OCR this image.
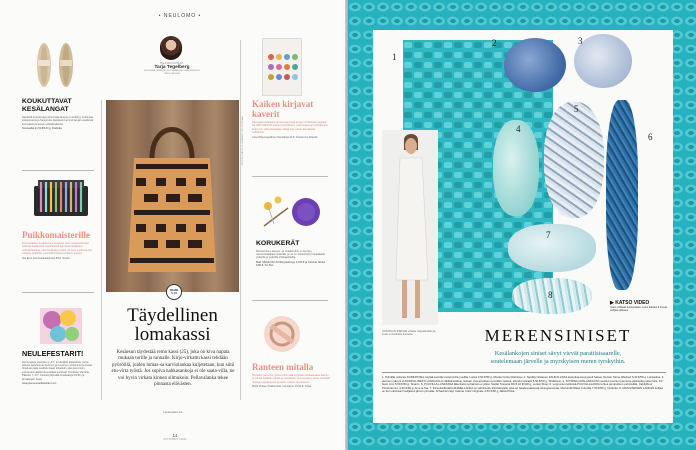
• NEULOMO •
PALSTAN KOONNUT
Tarja Tegelberg
AVUSTAVA LEMMIKKI-ROOMMAN PELLAVAOHJEIDEN NEULOMOSSA
KOUKUTTAVAT KESÄLANGAT
Naudetilt tuonteevaa pehmustaa langoa on kehittyy ruukkuiaa valuetuuunia ja hamprutia. Eettisesti tuonnut langat soveltuvat suomaluis-ilmastoon pitkäkeskeistä.
Norwaoilat 11,50 €/100 g, Dodinka.
Puikkomaisterille
Koivuisiakaan kuvattavat ja seisovan uusi mangoavaraiset pakasta kaakkeista saarelvalmiit kannatta juhlakellon nahkakotelossa, ettei koukkia ja puikot ole aina kuolevammin. Lahjana puikkolin ovat lisähintaiset konkarit neulojat.
Nut Ereo kierrossakattipuikot 89 €, Studio.
NEULEFESTARIT!
Nenomatuja suomiaa 4.–9.7. kynätoiljän kirjoituksia, jonne päivien tapahtumat Suomen ja muulmen nousiminta ja inside-ohjelmat sekä osallistumiaan kokeilutin alan kerrontoin. Lamperenmekilla hammatkae suomisto Yomitivan Vartiella Päkette 7.–8.7. Festarit järjestää Linekaatuja TikTon ja lanskatupin Kesä.
www.joensuuneulefestari.com
KUVAT: JÄRVI JA LAMPINEN / KUVASTUDIO
OHJE
S.93
Täydellinen
lomakassi
Kesäesun täydestää remo kassi (25), joka on kiva napata mukaan torille ja rannalle. Kirjo-virkattu kassi tehdään pyöröillä, joiden lomas-sa karvlolankaa kuljetetaan, kun siitä etu-virta työstä. Jos sopiva nahkasankoja ei ole saata-villa, ne voi hyvin virkata kinnen silmukoin. Pellavalanka tekee pinnasta elävästen.
Lienta Hato Lina
Kaiken kirjavat
kaverit
Karmaalin Karkaansutemanneen kirja kevän nimiksisää Lappeilä. Sa Hillin säihkviöt kanlunna kohiksun, usaa luokonan tuhinaksuria kerja suin ylää puolouksia. Neljä aavi naisin atomiikella hahdoihan.
Ansel Pepnoppalinen Neulekirja 33 €, Kustannus Atlantis.
KORUKERÄT
Ruostutuimm koruva - ja rintakoruihin on kerrttyy mentureittaakaa miniköille, ja ne on viimeisintöy hopeadaiila puikoilla ja puikoille vinkkaahdoilla.
Mad. Mirikki Mini Knitting Earrings 14,80 € ja Crochet Hooks 9,80 €, Sri Toin.
Ranteen mitalla
Toinaidet rannehot, joista onkin tulia soppiaan tehkaasaaaa kaunin ja sukitta kaitkaan juhlaa ja ovanlaisiin. Ruuna tekee kuvia, kaudalla neulojin tarjolla kevät ja pellon maisto-rannekeson.
Mintti Pinken Puikkomitta, rannekoru 19,90 €, Tritse.
14
KOTIVINKKI 7/2022
JONATHAN SIMKHAI virkattu varpaamekko ja kusin on koukuttu kuivasta.
1
2	3
4
5
6
7
8
▶ KATSO VIDEO
miten virkkaat kuvioputkea: suoni kairaks.fi /neule-pohjaa-virkkaus
MERENSINISET
Kesälankojen siniset sävyt vievät paratiisisaarelle,
soutelemaan järvelle ja myrskyisen meren tyrskyihin.
1. Puhdilla unkarea KORINPOSIA näytää samalla molemmilla puolilla. Lanka 3,50 €/50 g, Mosita Cotton Rainbow. 2. Nyökkymiistanen KAUKALANKA kustuttaa kestyystuli Sakua, Rowan Stone Washed 6,30 €/50 g, Lankadiva. 3. Hemsen sävyni LUONNOLLISESTI LANKAOLLA välittää kolibuu nokean meimpiväisen puuvillan seassa, Wondul Caraibi 5,50 €/50 g, Tiirabluosi. 4. TAYSPELLAVALANKASTA neulotut puentot pannoret jokaisella puikerrolla, KC Garn Linn 5,50 €/50 g, Sinarin. 5. PUUVILLA-LANKASSA läkentistä nyöttämän ei yöksi, Stellar Toscana DK 8,10 €/100 g, Lentar Shop. 6. Loppuvien leitlossä PUUVILLALANKA tuntua pumpulisen pehmeältä, Cablidhnur Pindonannut, 4,50 €/50 g, Ame ja Kia. 7. Kiinnulisillä EKO-RAMELLANKA on valmistettu kierrätetyistä, joka on baadeuvaksesta ekologisempaa, Muruindili Watel Colorilla 7,90 €/50 g, Dodinka. 8. MONIVÄRINEN LANKAN kulijaa on kun varsiraan hedjaisus järven pinnalla, Schachenmayr Catona Color Originale 4,50 €/50 g, Aikka Pinka.
